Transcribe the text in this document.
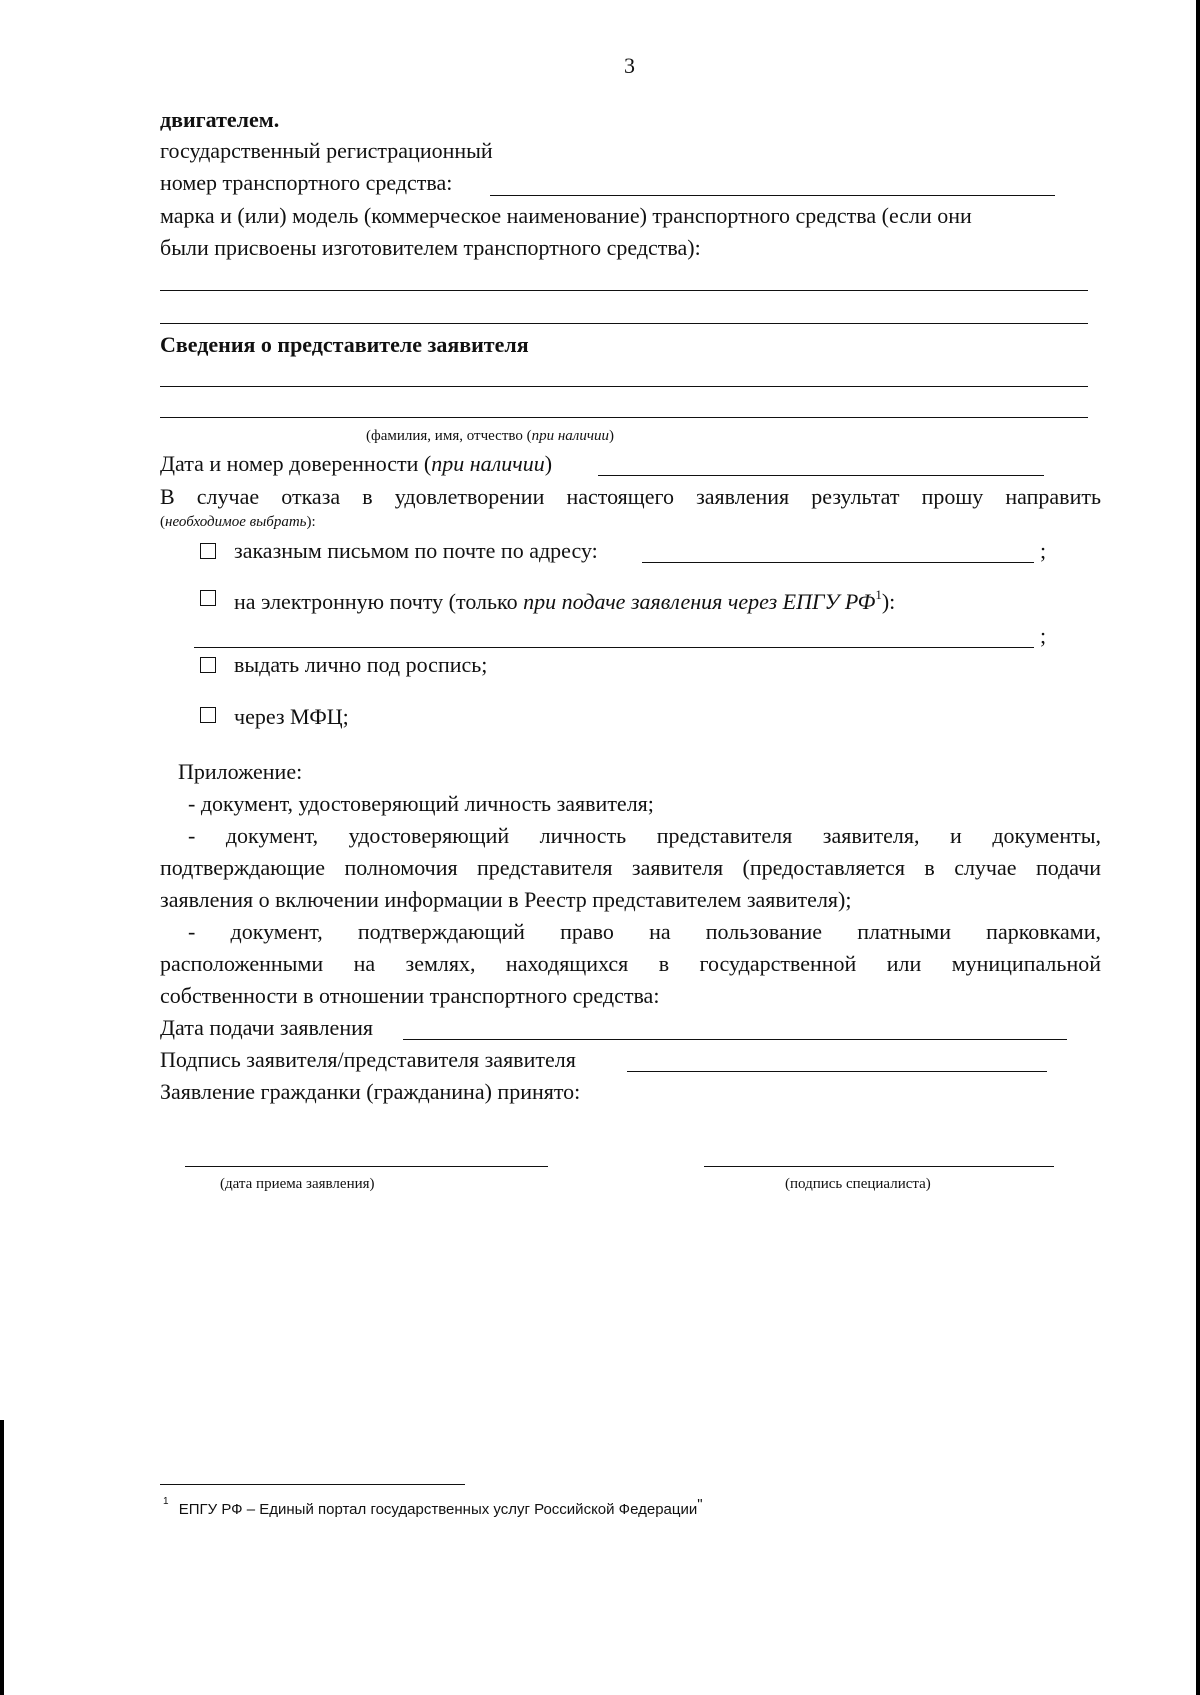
3
двигателем.
государственный регистрационный
номер транспортного средства:
марка и (или) модель (коммерческое наименование) транспортного средства (если они
были присвоены изготовителем транспортного средства):
Сведения о представителе заявителя
(фамилия, имя, отчество (при наличии)
Дата и номер доверенности (при наличии)
В случае отказа в удовлетворении настоящего заявления результат прошу направить
(необходимое выбрать):
заказным письмом по почте по адресу:	;
на электронную почту (только при подаче заявления через ЕПГУ $РФ^1$):
;
выдать лично под роспись;
через МФЦ;
Приложение:
- документ, удостоверяющий личность заявителя;
- документ, удостоверяющий личность представителя заявителя, и документы,
подтверждающие полномочия представителя заявителя (предоставляется в случае подачи
заявления о включении информации в Реестр представителем заявителя);
- документ, подтверждающий право на пользование платными парковками,
расположенными на землях, находящихся в государственной или муниципальной
собственности в отношении транспортного средства:
Дата подачи заявления
Подпись заявителя/представителя заявителя
Заявление гражданки (гражданина) принято:
(дата приема заявления)	(подпись специалиста)
$^1$ ЕПГУ РФ – Единый портал государственных услуг Российской Федерации"
